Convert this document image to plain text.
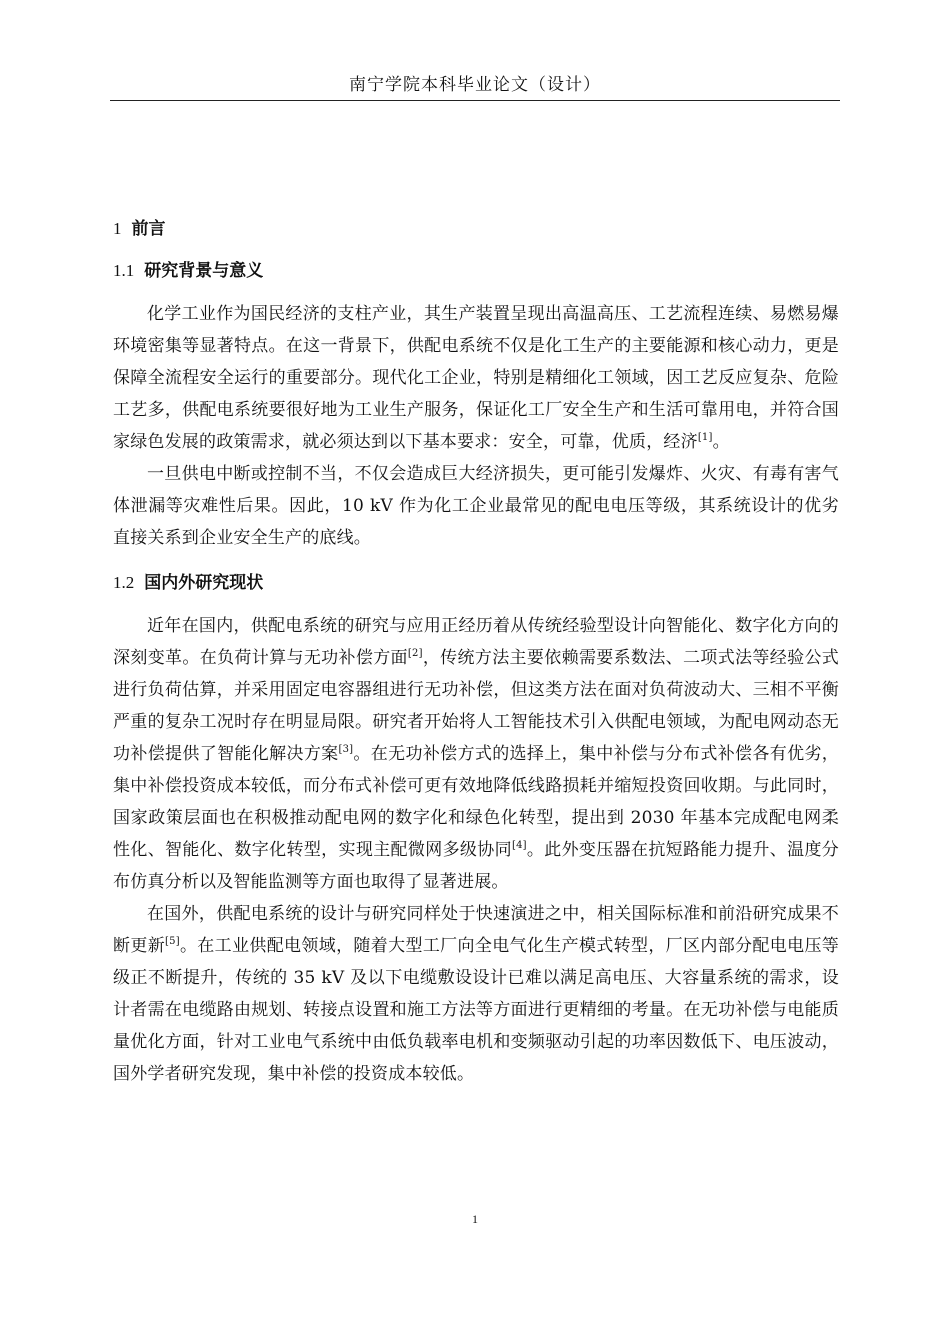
南宁学院本科毕业论文（设计）
1 前言
1.1 研究背景与意义

化学工业作为国民经济的支柱产业，其生产装置呈现出高温高压、工艺流程连续、易燃易爆环境密集等显著特点。在这一背景下，供配电系统不仅是化工生产的主要能源和核心动力，更是保障全流程安全运行的重要部分。现代化工企业，特别是精细化工领域，因工艺反应复杂、危险工艺多，供配电系统要很好地为工业生产服务，保证化工厂安全生产和生活可靠用电，并符合国家绿色发展的政策需求，就必须达到以下基本要求：安全，可靠，优质，经济[1]。

一旦供电中断或控制不当，不仅会造成巨大经济损失，更可能引发爆炸、火灾、有毒有害气体泄漏等灾难性后果。因此，10 kV 作为化工企业最常见的配电电压等级，其系统设计的优劣直接关系到企业安全生产的底线。

1.2 国内外研究现状

近年在国内，供配电系统的研究与应用正经历着从传统经验型设计向智能化、数字化方向的深刻变革。在负荷计算与无功补偿方面[2]，传统方法主要依赖需要系数法、二项式法等经验公式进行负荷估算，并采用固定电容器组进行无功补偿，但这类方法在面对负荷波动大、三相不平衡严重的复杂工况时存在明显局限。研究者开始将人工智能技术引入供配电领域，为配电网动态无功补偿提供了智能化解决方案[3]。在无功补偿方式的选择上，集中补偿与分布式补偿各有优劣，集中补偿投资成本较低，而分布式补偿可更有效地降低线路损耗并缩短投资回收期。与此同时，国家政策层面也在积极推动配电网的数字化和绿色化转型，提出到 2030 年基本完成配电网柔性化、智能化、数字化转型，实现主配微网多级协同[4]。此外变压器在抗短路能力提升、温度分布仿真分析以及智能监测等方面也取得了显著进展。

在国外，供配电系统的设计与研究同样处于快速演进之中，相关国际标准和前沿研究成果不断更新[5]。在工业供配电领域，随着大型工厂向全电气化生产模式转型，厂区内部分配电电压等级正不断提升，传统的 35 kV 及以下电缆敷设设计已难以满足高电压、大容量系统的需求，设计者需在电缆路由规划、转接点设置和施工方法等方面进行更精细的考量。在无功补偿与电能质量优化方面，针对工业电气系统中由低负载率电机和变频驱动引起的功率因数低下、电压波动，国外学者研究发现，集中补偿的投资成本较低。

1
